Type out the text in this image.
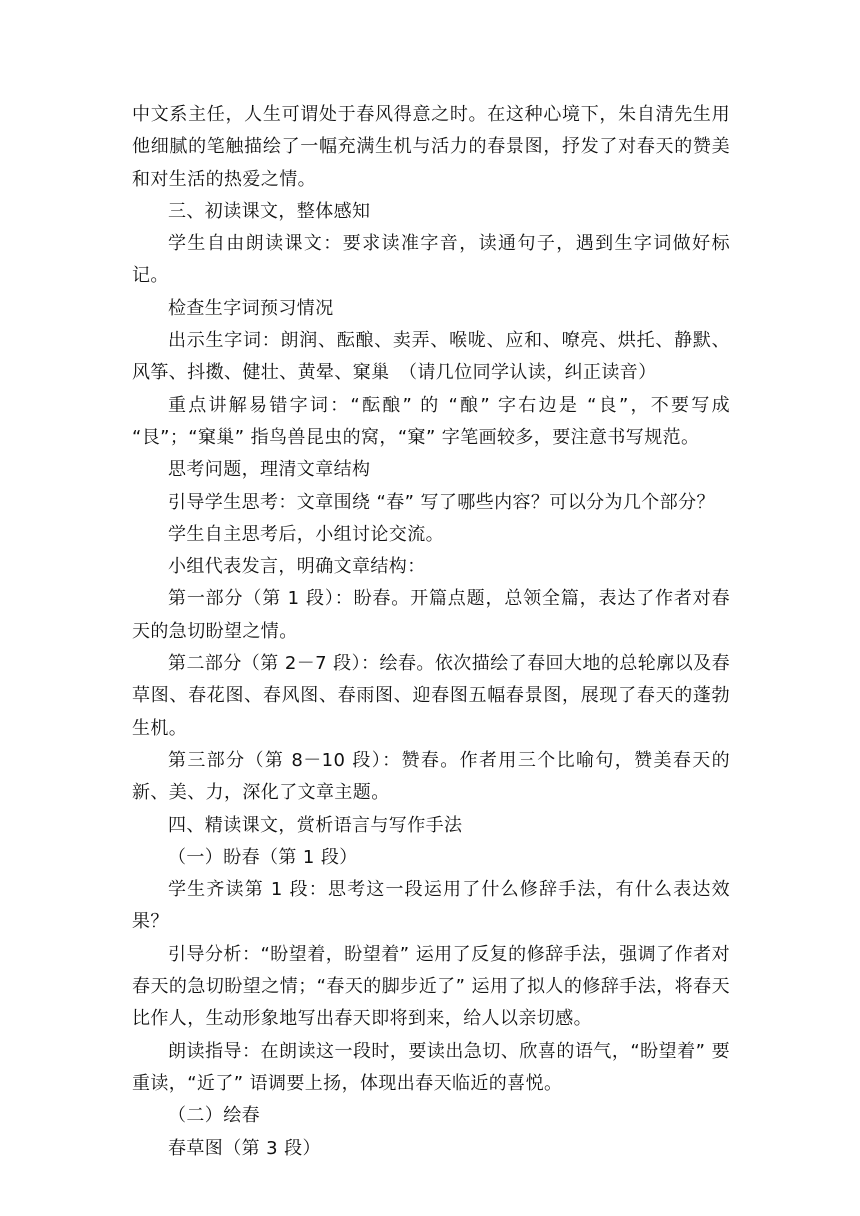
中文系主任，人生可谓处于春风得意之时。在这种心境下，朱自清先生用他细腻的笔触描绘了一幅充满生机与活力的春景图，抒发了对春天的赞美和对生活的热爱之情。

三、初读课文，整体感知

学生自由朗读课文：要求读准字音，读通句子，遇到生字词做好标记。

检查生字词预习情况

出示生字词：朗润、酝酿、卖弄、喉咙、应和、嘹亮、烘托、静默、风筝、抖擞、健壮、黄晕、窠巢　（请几位同学认读，纠正读音）

重点讲解易错字词：“酝酿” 的 “酿” 字右边是 “良”，不要写成 “艮”；“窠巢” 指鸟兽昆虫的窝，“窠” 字笔画较多，要注意书写规范。

思考问题，理清文章结构

引导学生思考：文章围绕 “春” 写了哪些内容？可以分为几个部分？

学生自主思考后，小组讨论交流。

小组代表发言，明确文章结构：

第一部分（第 1 段）：盼春。开篇点题，总领全篇，表达了作者对春天的急切盼望之情。

第二部分（第 2－7 段）：绘春。依次描绘了春回大地的总轮廓以及春草图、春花图、春风图、春雨图、迎春图五幅春景图，展现了春天的蓬勃生机。

第三部分（第 8－10 段）：赞春。作者用三个比喻句，赞美春天的新、美、力，深化了文章主题。

四、精读课文，赏析语言与写作手法

（一）盼春（第 1 段）

学生齐读第 1 段：思考这一段运用了什么修辞手法，有什么表达效果？

引导分析：“盼望着，盼望着” 运用了反复的修辞手法，强调了作者对春天的急切盼望之情；“春天的脚步近了” 运用了拟人的修辞手法，将春天比作人，生动形象地写出春天即将到来，给人以亲切感。

朗读指导：在朗读这一段时，要读出急切、欣喜的语气，“盼望着” 要重读，“近了” 语调要上扬，体现出春天临近的喜悦。

（二）绘春

春草图（第 3 段）
